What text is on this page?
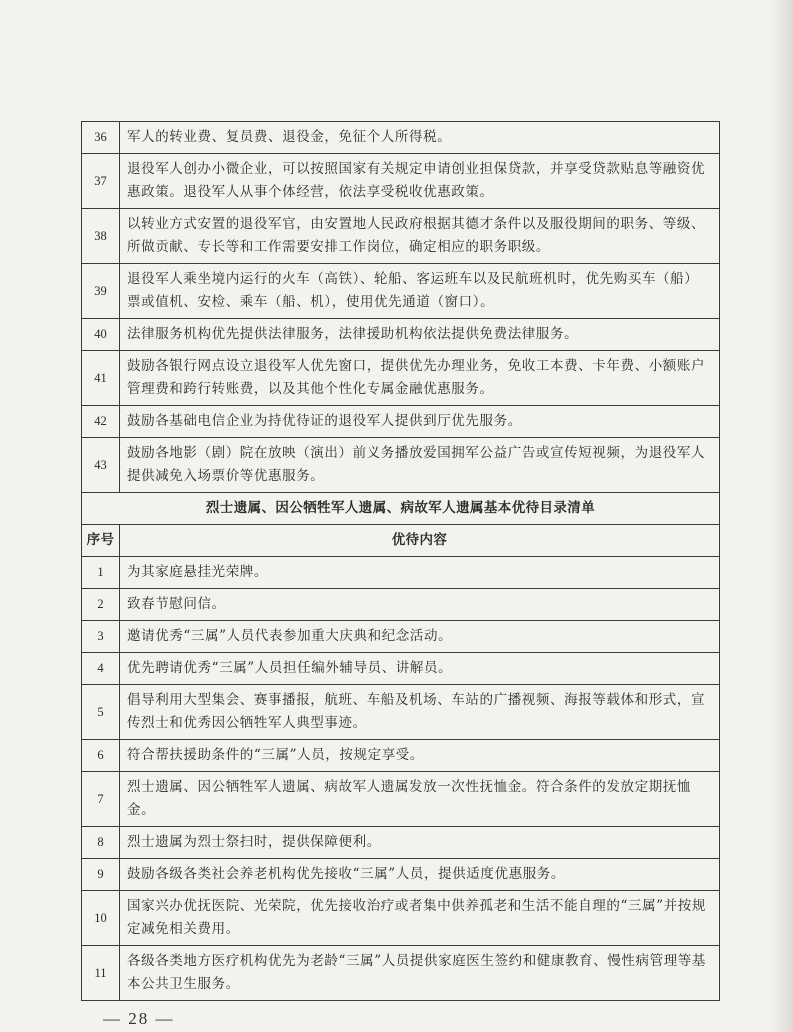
36	军人的转业费、复员费、退役金，免征个人所得税。
37	退役军人创办小微企业，可以按照国家有关规定申请创业担保贷款，并享受贷款贴息等融资优惠政策。退役军人从事个体经营，依法享受税收优惠政策。
38	以转业方式安置的退役军官，由安置地人民政府根据其德才条件以及服役期间的职务、等级、所做贡献、专长等和工作需要安排工作岗位，确定相应的职务职级。
39	退役军人乘坐境内运行的火车（高铁）、轮船、客运班车以及民航班机时，优先购买车（船）票或值机、安检、乘车（船、机），使用优先通道（窗口）。
40	法律服务机构优先提供法律服务，法律援助机构依法提供免费法律服务。
41	鼓励各银行网点设立退役军人优先窗口，提供优先办理业务，免收工本费、卡年费、小额账户管理费和跨行转账费，以及其他个性化专属金融优惠服务。
42	鼓励各基础电信企业为持优待证的退役军人提供到厅优先服务。
43	鼓励各地影（剧）院在放映（演出）前义务播放爱国拥军公益广告或宣传短视频，为退役军人提供减免入场票价等优惠服务。
烈士遗属、因公牺牲军人遗属、病故军人遗属基本优待目录清单	
序号	优待内容
1	为其家庭悬挂光荣牌。
2	致春节慰问信。
3	邀请优秀“三属”人员代表参加重大庆典和纪念活动。
4	优先聘请优秀“三属”人员担任编外辅导员、讲解员。
5	倡导利用大型集会、赛事播报，航班、车船及机场、车站的广播视频、海报等载体和形式，宣传烈士和优秀因公牺牲军人典型事迹。
6	符合帮扶援助条件的“三属”人员，按规定享受。
7	烈士遗属、因公牺牲军人遗属、病故军人遗属发放一次性抚恤金。符合条件的发放定期抚恤金。
8	烈士遗属为烈士祭扫时，提供保障便利。
9	鼓励各级各类社会养老机构优先接收“三属”人员，提供适度优惠服务。
10	国家兴办优抚医院、光荣院，优先接收治疗或者集中供养孤老和生活不能自理的“三属”并按规定减免相关费用。
11	各级各类地方医疗机构优先为老龄“三属”人员提供家庭医生签约和健康教育、慢性病管理等基本公共卫生服务。
— 28 —
